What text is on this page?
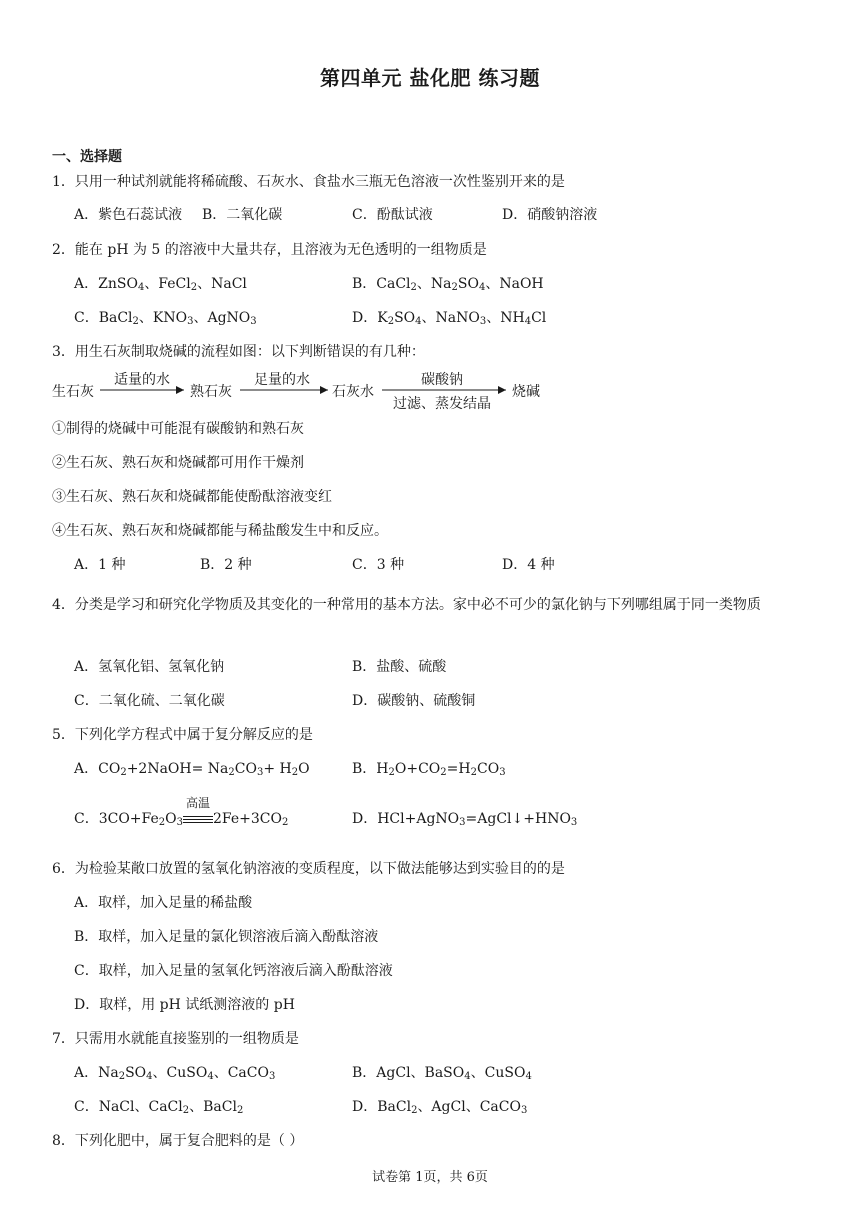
第四单元 盐化肥 练习题
一、选择题
1．只用一种试剂就能将稀硫酸、石灰水、食盐水三瓶无色溶液一次性鉴别开来的是
A．紫色石蕊试液 B．二氧化碳	C．酚酞试液	D．硝酸钠溶液
2．能在 pH 为 5 的溶液中大量共存，且溶液为无色透明的一组物质是
A．ZnSO$_4$、FeCl$_2$、NaCl	B．CaCl$_2$、$Na_2SO_4$、NaOH
C．BaCl$_2$、$KNO_3$、AgNO$_3$	D．$K_2SO_4$、NaNO$_3$、$NH_4Cl$
3．用生石灰制取烧碱的流程如图：以下判断错误的有几种：
生石灰
适量的水
熟石灰
足量的水
石灰水
碳酸钠
过滤、蒸发结晶
烧碱
①制得的烧碱中可能混有碳酸钠和熟石灰
②生石灰、熟石灰和烧碱都可用作干燥剂
③生石灰、熟石灰和烧碱都能使酚酞溶液变红
④生石灰、熟石灰和烧碱都能与稀盐酸发生中和反应。
A．1 种	B．2 种	C．3 种	D．4 种
4．分类是学习和研究化学物质及其变化的一种常用的基本方法。家中必不可少的氯化钠与下列哪组属于同一类物质
A．氢氧化铝、氢氧化钠	B．盐酸、硫酸
C．二氧化硫、二氧化碳	D．碳酸钠、硫酸铜
5．下列化学方程式中属于复分解反应的是
A．$CO_2+2NaOH= Na_2CO_3+ H_2O$	B．$H_2O+CO_2=H_2CO_3$
C．$3CO+Fe_2O_3$
高温
$2Fe+3CO_2$	D．$HCl+AgNO_3=AgCl↓+HNO_3$
6．为检验某敞口放置的氢氧化钠溶液的变质程度，以下做法能够达到实验目的的是
A．取样，加入足量的稀盐酸
B．取样，加入足量的氯化钡溶液后滴入酚酞溶液
C．取样，加入足量的氢氧化钙溶液后滴入酚酞溶液
D．取样，用 pH 试纸测溶液的 pH
7．只需用水就能直接鉴别的一组物质是
A．$Na_2SO_4$、CuSO$_4$、CaCO$_3$	B．AgCl、BaSO$_4$、CuSO$_4$
C．NaCl、CaCl$_2$、BaCl$_2$	D．BaCl$_2$、AgCl、CaCO$_3$
8．下列化肥中，属于复合肥料的是（ ）
试卷第 1页，共 6页
